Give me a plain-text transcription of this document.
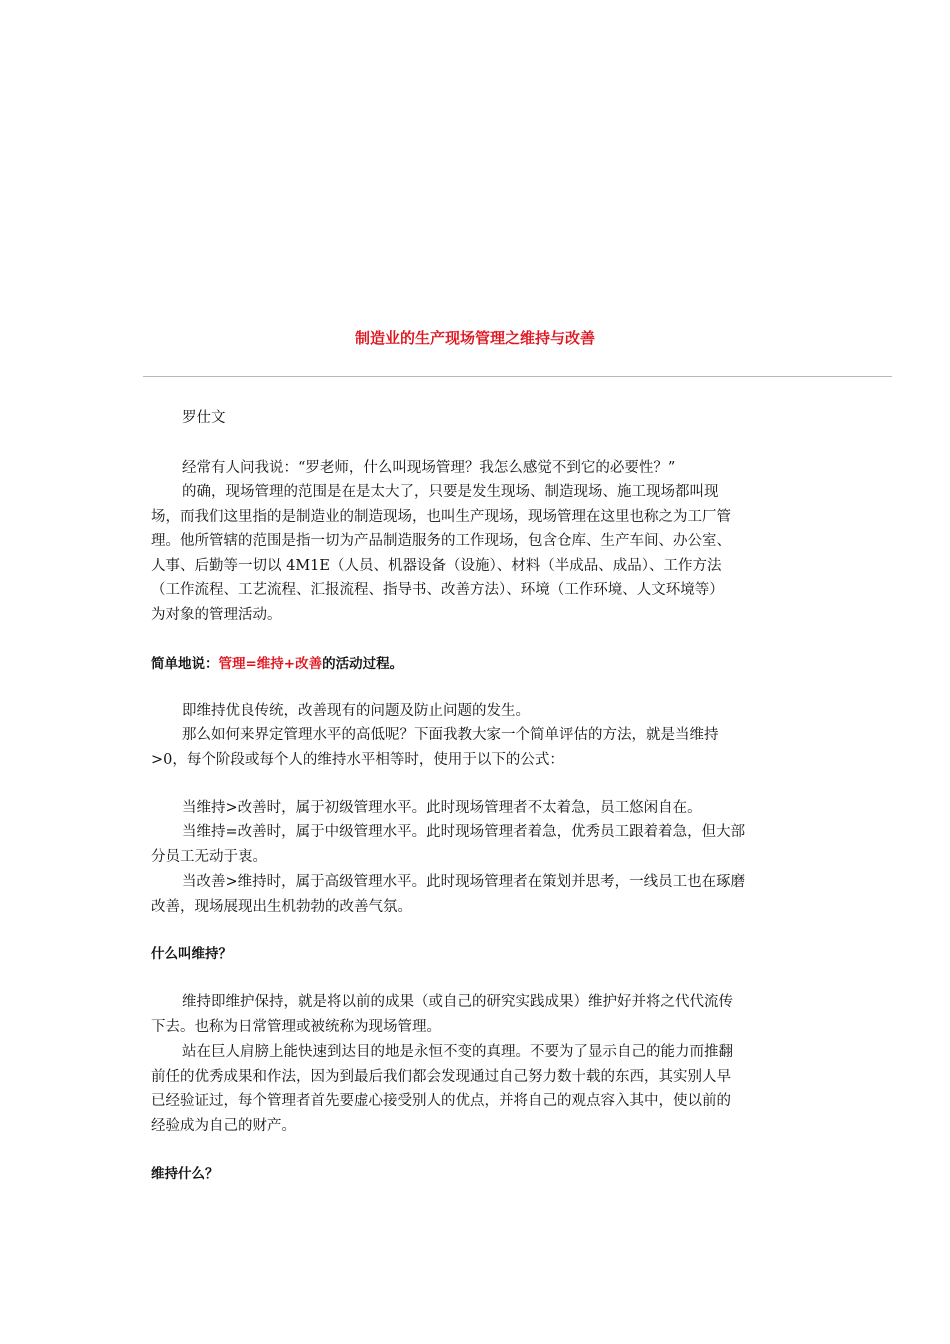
制造业的生产现场管理之维持与改善
罗仕文
经常有人问我说：“罗老师，什么叫现场管理？我怎么感觉不到它的必要性？”
的确，现场管理的范围是在是太大了，只要是发生现场、制造现场、施工现场都叫现
场，而我们这里指的是制造业的制造现场，也叫生产现场，现场管理在这里也称之为工厂管
理。他所管辖的范围是指一切为产品制造服务的工作现场，包含仓库、生产车间、办公室、
人事、后勤等一切以 4M1E（人员、机器设备（设施）、材料（半成品、成品）、工作方法
（工作流程、工艺流程、汇报流程、指导书、改善方法）、环境（工作环境、人文环境等）
为对象的管理活动。
简单地说：管理=维持+改善的活动过程。
即维持优良传统，改善现有的问题及防止问题的发生。
那么如何来界定管理水平的高低呢？下面我教大家一个简单评估的方法，就是当维持
>0，每个阶段或每个人的维持水平相等时，使用于以下的公式：
当维持>改善时，属于初级管理水平。此时现场管理者不太着急，员工悠闲自在。
当维持=改善时，属于中级管理水平。此时现场管理者着急，优秀员工跟着着急，但大部
分员工无动于衷。
当改善>维持时，属于高级管理水平。此时现场管理者在策划并思考，一线员工也在琢磨
改善，现场展现出生机勃勃的改善气氛。
什么叫维持？
维持即维护保持，就是将以前的成果（或自己的研究实践成果）维护好并将之代代流传
下去。也称为日常管理或被统称为现场管理。
站在巨人肩膀上能快速到达目的地是永恒不变的真理。不要为了显示自己的能力而推翻
前任的优秀成果和作法，因为到最后我们都会发现通过自己努力数十载的东西，其实别人早
已经验证过，每个管理者首先要虚心接受别人的优点，并将自己的观点容入其中，使以前的
经验成为自己的财产。
维持什么？
